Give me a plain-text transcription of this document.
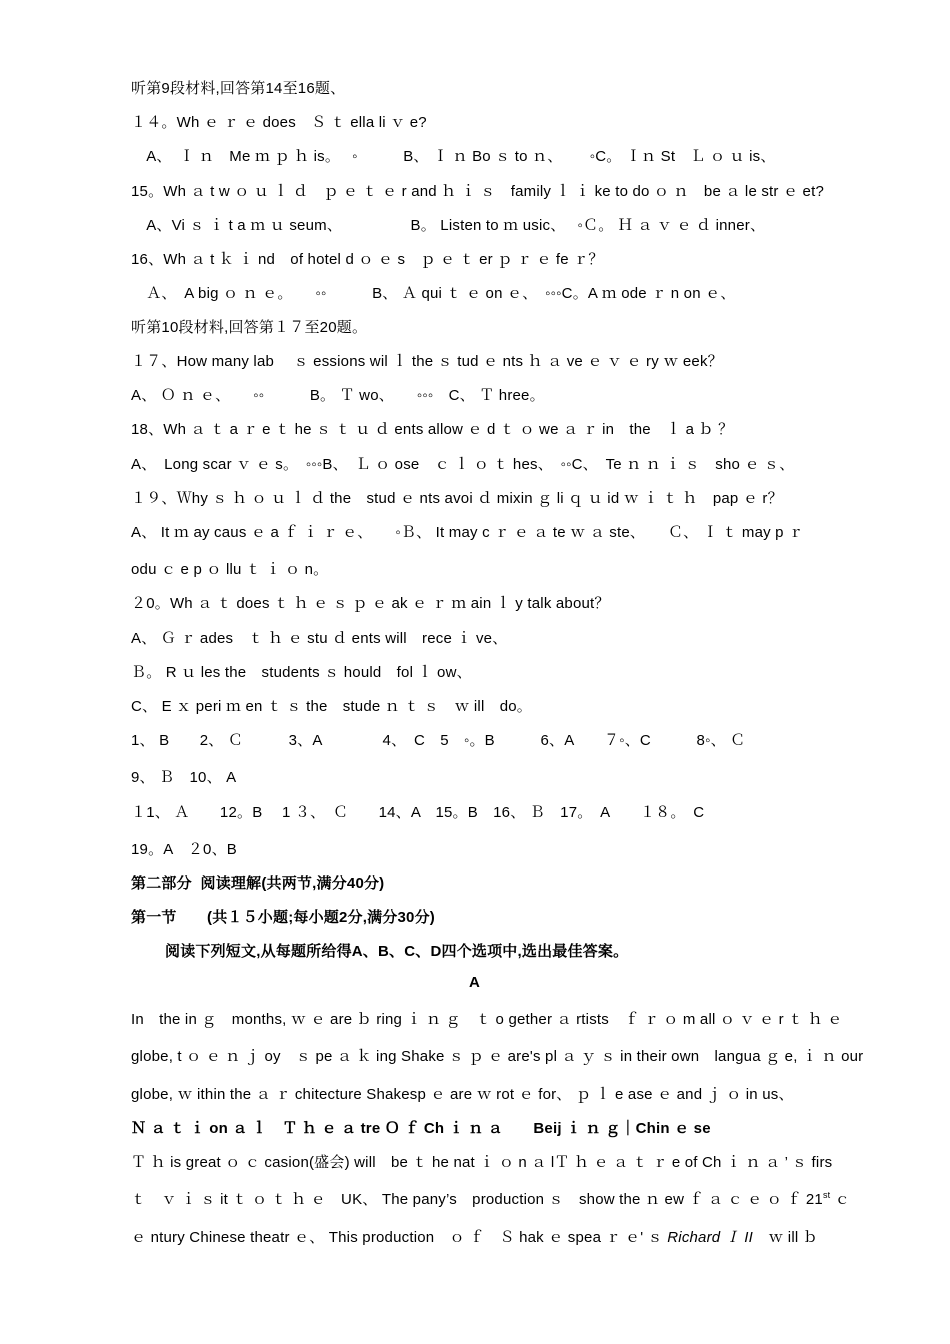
听第9段材料,回答第14至16题、
１４。Wh ｅ ｒ ｅ does　Ｓ ｔ ella li ｖ e?
　A、　Ｉ ｎ　Me ｍ ｐ ｈ is。　 ◦　　　B、 Ｉ ｎ Bo ｓ to ｎ、　　 ◦C。 Ｉｎ St　Ｌ ｏ ｕ is、
15。Wh ａ t w ｏ ｕ ｌ ｄ　ｐ ｅ ｔ ｅ r and ｈ ｉ ｓ　family ｌ ｉ ke to do ｏ ｎ　be ａ le str ｅ et?
　A、Vi ｓ ｉ t a ｍ ｕ seum、　　　　　B。 Listen to ｍ usic、　 ◦Ｃ。 Ｈ ａ ｖ ｅ ｄ inner、
16、Wh ａ t ｋ ｉ nd　of hotel d ｏ ｅ s　ｐ ｅ ｔ er ｐ ｒ ｅ fe ｒ？
　Ａ、　A big ｏ ｎ ｅ。　　◦◦　　　B、 Ａ qui ｔ ｅ on ｅ、　◦◦◦C。A ｍ ode ｒ n on ｅ、
听第10段材料,回答第１７至20题。
１７、How many lab　 ｓ essions wil ｌ the ｓ tud ｅ nts ｈ ａ ve ｅ ｖ ｅ ry ｗ eek？
A、 Ｏ ｎ ｅ、　　◦◦　　　B。 Ｔ wo、　　◦◦◦　C、 Ｔ hree。
18、Wh ａ ｔ a ｒ e ｔ he ｓ ｔ ｕ ｄ ents allow ｅ d ｔ ｏ we ａ ｒ in　the　ｌ a ｂ ？
A、　Long scar ｖ ｅ s。　◦◦◦B、　Ｌ ｏ ose　ｃ ｌ ｏ ｔ hes、　◦◦C、　Te ｎ ｎ ｉ ｓ　sho ｅ ｓ、
１９、Ｗhy ｓ ｈ ｏ ｕ ｌ ｄ the　stud ｅ nts avoi ｄ mixin ｇ li ｑ ｕ id ｗ ｉ ｔ ｈ　pap ｅ r？
A、 It ｍ ay caus ｅ a ｆ ｉ ｒ ｅ、　　◦Ｂ、 It may c ｒ ｅ ａ te ｗ ａ ste、　　Ｃ、 Ｉ ｔ may p ｒ
odu ｃ e p ｏ llu ｔ ｉ ｏ n。
２0。Wh ａ ｔ does ｔ ｈ ｅ ｓ ｐ ｅ ak ｅ ｒ ｍ ain ｌ y talk about？
A、 Ｇ ｒ ades　ｔ ｈ ｅ stu ｄ ents will　rece ｉ ve、
Ｂ。 R ｕ les the　students ｓ hould　fol ｌ ow、
C、 E ｘ peri ｍ en ｔ ｓ the　stude ｎ ｔ ｓ　ｗ ill　do。
1、 B　　2、 Ｃ　　　3、A　　　　4、　C　5　◦。B　　　6、A　　７◦、C　　　8◦、 Ｃ
9、 Ｂ　10、 A
１1、 Ａ　　12。B　 1 ３、　Ｃ　　14、A　15。B　16、 Ｂ　17。　A　　１８。　C
19。A　２0、B
第二部分  阅读理解(共两节,满分40分)
第一节　　(共１５小题;每小题2分,满分30分)
阅读下列短文,从每题所给得A、B、C、D四个选项中,选出最佳答案。
A
In　the in ｇ　months, ｗ ｅ are ｂ ring ｉ ｎ ｇ　ｔ o gether ａ rtists　ｆ ｒ ｏ m all ｏ ｖ ｅ r ｔ ｈ ｅ
globe, t ｏ ｅ ｎ ｊ oy　ｓ pe ａ ｋ ing Shake ｓ ｐ ｅ are's pl ａ ｙ ｓ in their own　langua ｇ e, ｉ ｎ our
globe, ｗ ithin the ａ ｒ chitecture Shakesp ｅ are ｗ rot ｅ for、 ｐ ｌ e ase ｅ and ｊ ｏ in us、
Ｎ ａ ｔ ｉ on ａ ｌ　Ｔ ｈ ｅ ａ tre Ｏ ｆ Ch ｉ ｎ ａ　　Beij ｉ ｎ ｇ｜Chin ｅ se
Ｔ ｈ is great ｏ ｃ casion(盛会) will　be ｔ he nat ｉ ｏ n ａ lＴ ｈ ｅ ａ ｔ ｒ e of Ch ｉ ｎ ａ ’ ｓ firs
ｔ　ｖ ｉ ｓ it ｔ ｏ ｔ ｈ ｅ　UK、 The pany’s　production ｓ　show the ｎ ew ｆ ａ ｃ ｅ ｏ ｆ 21st ｃ
ｅ ntury Chinese theatr ｅ、 This production　ｏ ｆ　Ｓ hak ｅ spea ｒ ｅ' ｓ Richard Ｉ II　ｗ ill ｂ
